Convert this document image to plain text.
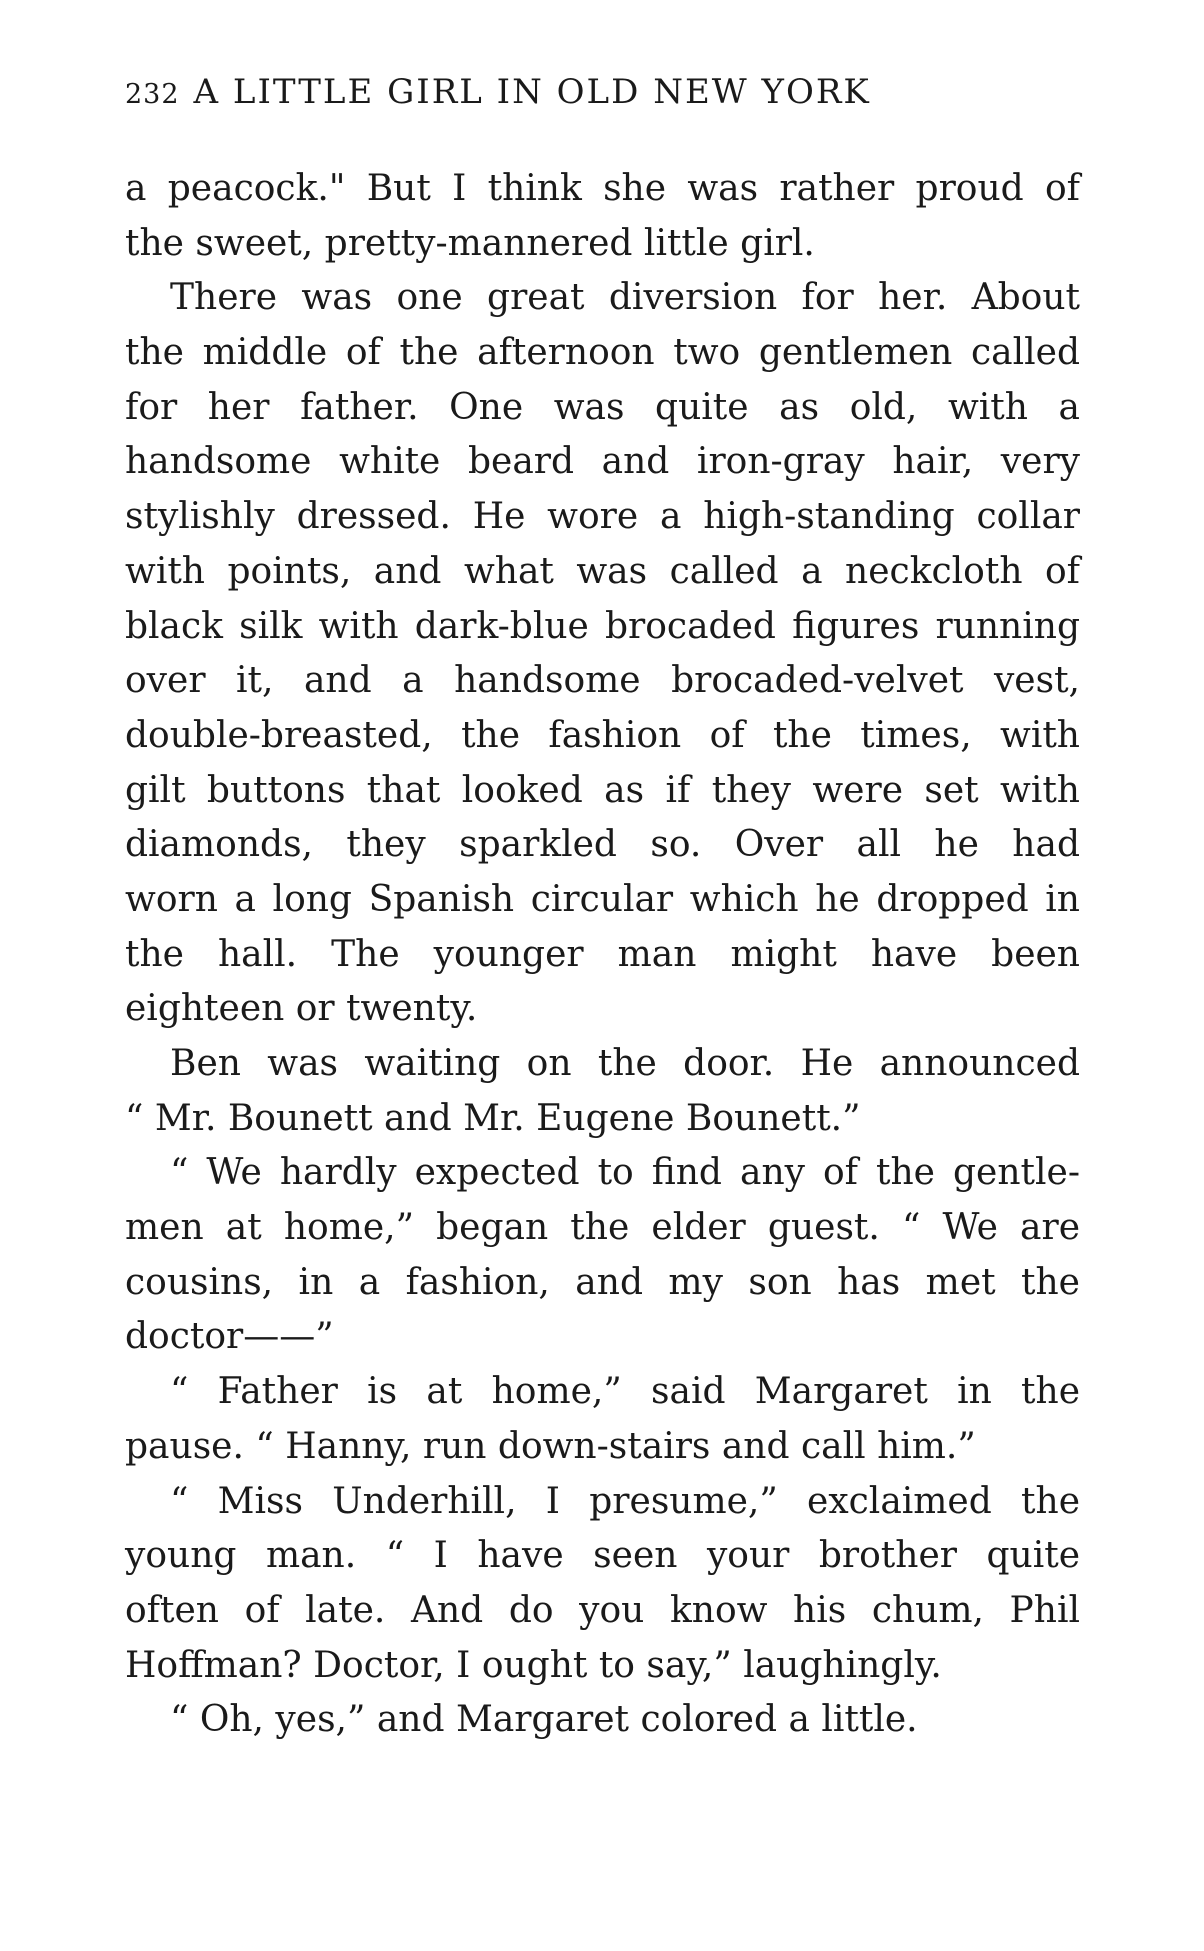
232 A LITTLE GIRL IN OLD NEW YORK
a peacock." But I think she was rather proud of
the sweet, pretty-mannered little girl.
There was one great diversion for her. About
the middle of the afternoon two gentlemen called
for her father. One was quite as old, with a
handsome white beard and iron-gray hair, very
stylishly dressed. He wore a high-standing collar
with points, and what was called a neckcloth of
black silk with dark-blue brocaded figures running
over it, and a handsome brocaded-velvet vest,
double-breasted, the fashion of the times, with
gilt buttons that looked as if they were set with
diamonds, they sparkled so. Over all he had
worn a long Spanish circular which he dropped in
the hall. The younger man might have been
eighteen or twenty.
Ben was waiting on the door. He announced
“ Mr. Bounett and Mr. Eugene Bounett.”
“ We hardly expected to find any of the gentle-
men at home,” began the elder guest. “ We are
cousins, in a fashion, and my son has met the
doctor——”
“ Father is at home,” said Margaret in the
pause. “ Hanny, run down-stairs and call him.”
“ Miss Underhill, I presume,” exclaimed the
young man. “ I have seen your brother quite
often of late. And do you know his chum, Phil
Hoffman? Doctor, I ought to say,” laughingly.
“ Oh, yes,” and Margaret colored a little.
